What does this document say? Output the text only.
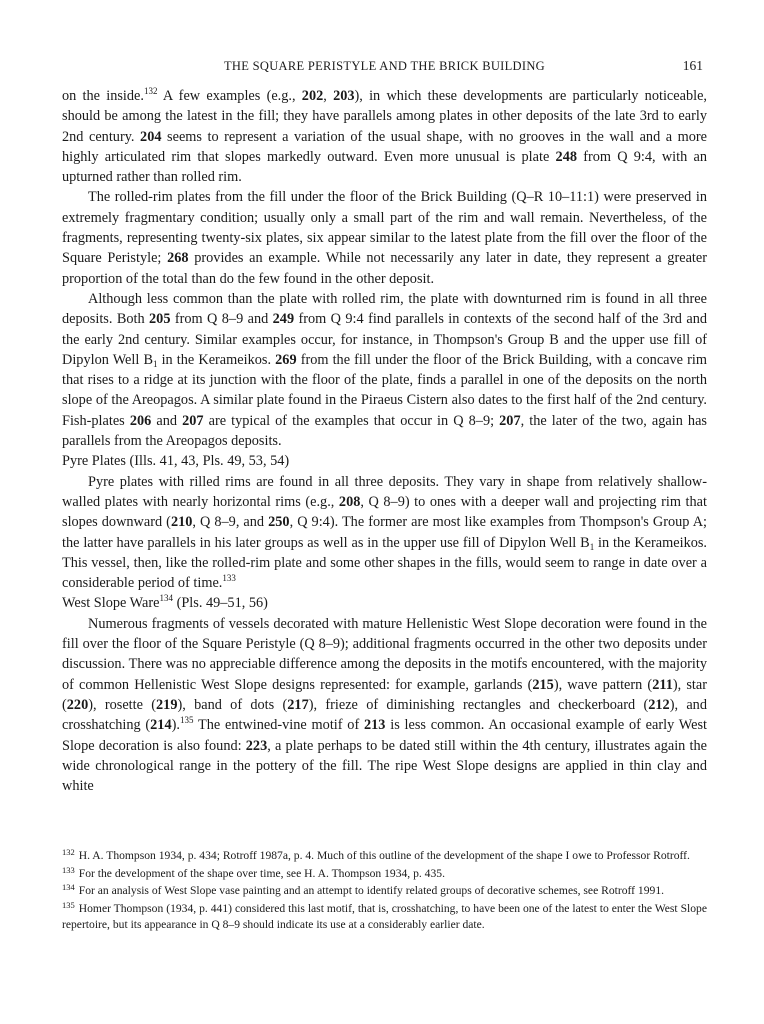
THE SQUARE PERISTYLE AND THE BRICK BUILDING	161

on the inside.$^{132}$ A few examples (e.g., 202, 203), in which these developments are particularly noticeable, should be among the latest in the fill; they have parallels among plates in other deposits of the late 3rd to early 2nd century. 204 seems to represent a variation of the usual shape, with no grooves in the wall and a more highly articulated rim that slopes markedly outward. Even more unusual is plate 248 from Q 9:4, with an upturned rather than rolled rim.

The rolled-rim plates from the fill under the floor of the Brick Building (Q–R 10–11:1) were preserved in extremely fragmentary condition; usually only a small part of the rim and wall remain. Nevertheless, of the fragments, representing twenty-six plates, six appear similar to the latest plate from the fill over the floor of the Square Peristyle; 268 provides an example. While not necessarily any later in date, they represent a greater proportion of the total than do the few found in the other deposit.

Although less common than the plate with rolled rim, the plate with downturned rim is found in all three deposits. Both 205 from Q 8–9 and 249 from Q 9:4 find parallels in contexts of the second half of the 3rd and the early 2nd century. Similar examples occur, for instance, in Thompson's Group B and the upper use fill of Dipylon Well $B_1$ in the Kerameikos. 269 from the fill under the floor of the Brick Building, with a concave rim that rises to a ridge at its junction with the floor of the plate, finds a parallel in one of the deposits on the north slope of the Areopagos. A similar plate found in the Piraeus Cistern also dates to the first half of the 2nd century. Fish-plates 206 and 207 are typical of the examples that occur in Q 8–9; 207, the later of the two, again has parallels from the Areopagos deposits.

Pyre Plates (Ills. 41, 43, Pls. 49, 53, 54)

Pyre plates with rilled rims are found in all three deposits. They vary in shape from relatively shallow-walled plates with nearly horizontal rims (e.g., 208, Q 8–9) to ones with a deeper wall and projecting rim that slopes downward (210, Q 8–9, and 250, Q 9:4). The former are most like examples from Thompson's Group A; the latter have parallels in his later groups as well as in the upper use fill of Dipylon Well $B_1$ in the Kerameikos. This vessel, then, like the rolled-rim plate and some other shapes in the fills, would seem to range in date over a considerable period of time.$^{133}$

West Slope Ware$^{134}$ (Pls. 49–51, 56)

Numerous fragments of vessels decorated with mature Hellenistic West Slope decoration were found in the fill over the floor of the Square Peristyle (Q 8–9); additional fragments occurred in the other two deposits under discussion. There was no appreciable difference among the deposits in the motifs encountered, with the majority of common Hellenistic West Slope designs represented: for example, garlands (215), wave pattern (211), star (220), rosette (219), band of dots (217), frieze of diminishing rectangles and checkerboard (212), and crosshatching (214).$^{135}$ The entwined-vine motif of 213 is less common. An occasional example of early West Slope decoration is also found: 223, a plate perhaps to be dated still within the 4th century, illustrates again the wide chronological range in the pottery of the fill. The ripe West Slope designs are applied in thin clay and white

$^{132}$ H. A. Thompson 1934, p. 434; Rotroff 1987a, p. 4. Much of this outline of the development of the shape I owe to Professor Rotroff.

$^{133}$ For the development of the shape over time, see H. A. Thompson 1934, p. 435.

$^{134}$ For an analysis of West Slope vase painting and an attempt to identify related groups of decorative schemes, see Rotroff 1991.

$^{135}$ Homer Thompson (1934, p. 441) considered this last motif, that is, crosshatching, to have been one of the latest to enter the West Slope repertoire, but its appearance in Q 8–9 should indicate its use at a considerably earlier date.
